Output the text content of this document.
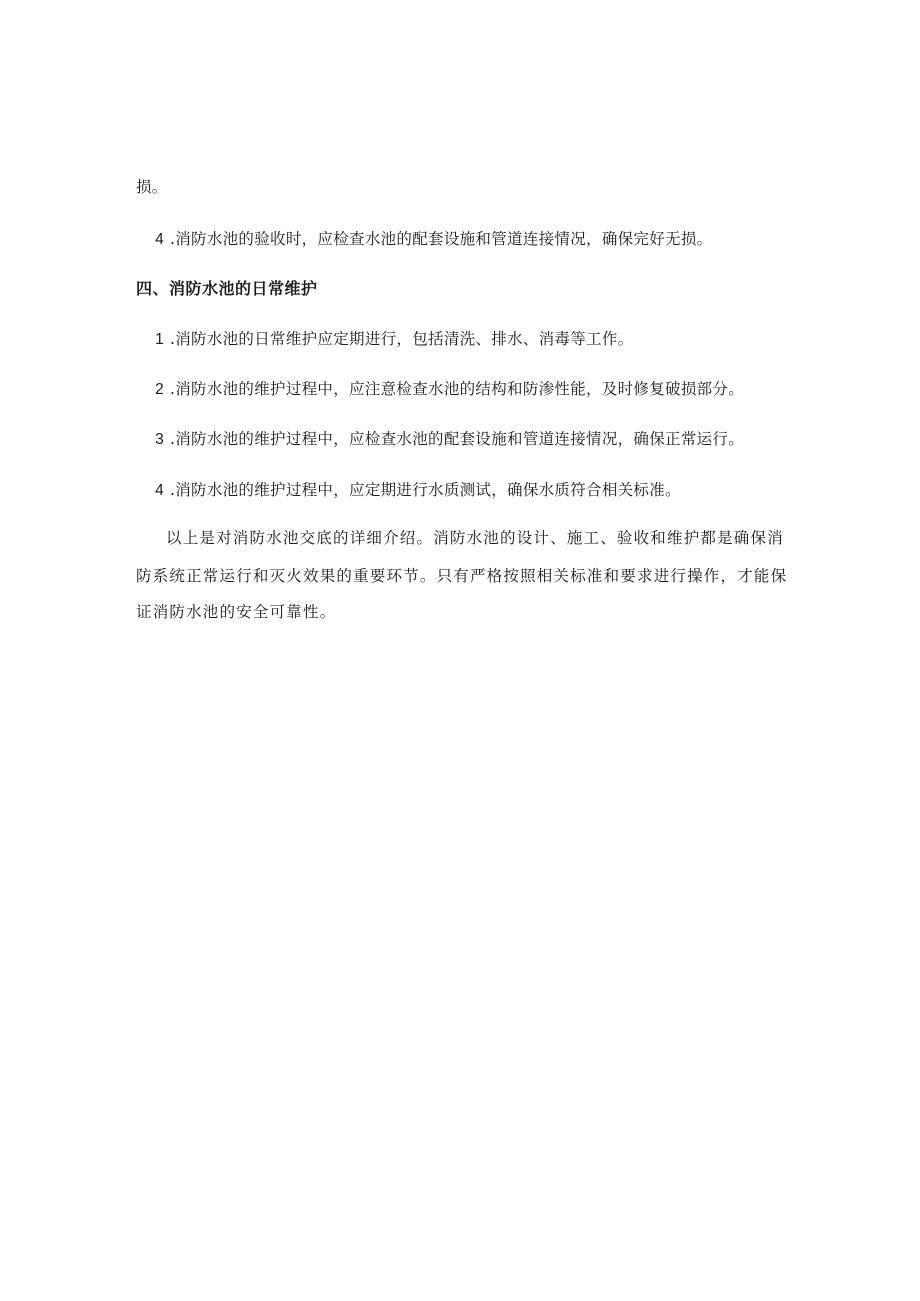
损。
4 .消防水池的验收时，应检查水池的配套设施和管道连接情况，确保完好无损。
四、消防水池的日常维护
1 .消防水池的日常维护应定期进行，包括清洗、排水、消毒等工作。
2 .消防水池的维护过程中，应注意检查水池的结构和防渗性能，及时修复破损部分。
3 .消防水池的维护过程中，应检查水池的配套设施和管道连接情况，确保正常运行。
4 .消防水池的维护过程中，应定期进行水质测试，确保水质符合相关标准。
以上是对消防水池交底的详细介绍。消防水池的设计、施工、验收和维护都是确保消
防系统正常运行和灭火效果的重要环节。只有严格按照相关标准和要求进行操作，才能保
证消防水池的安全可靠性。
